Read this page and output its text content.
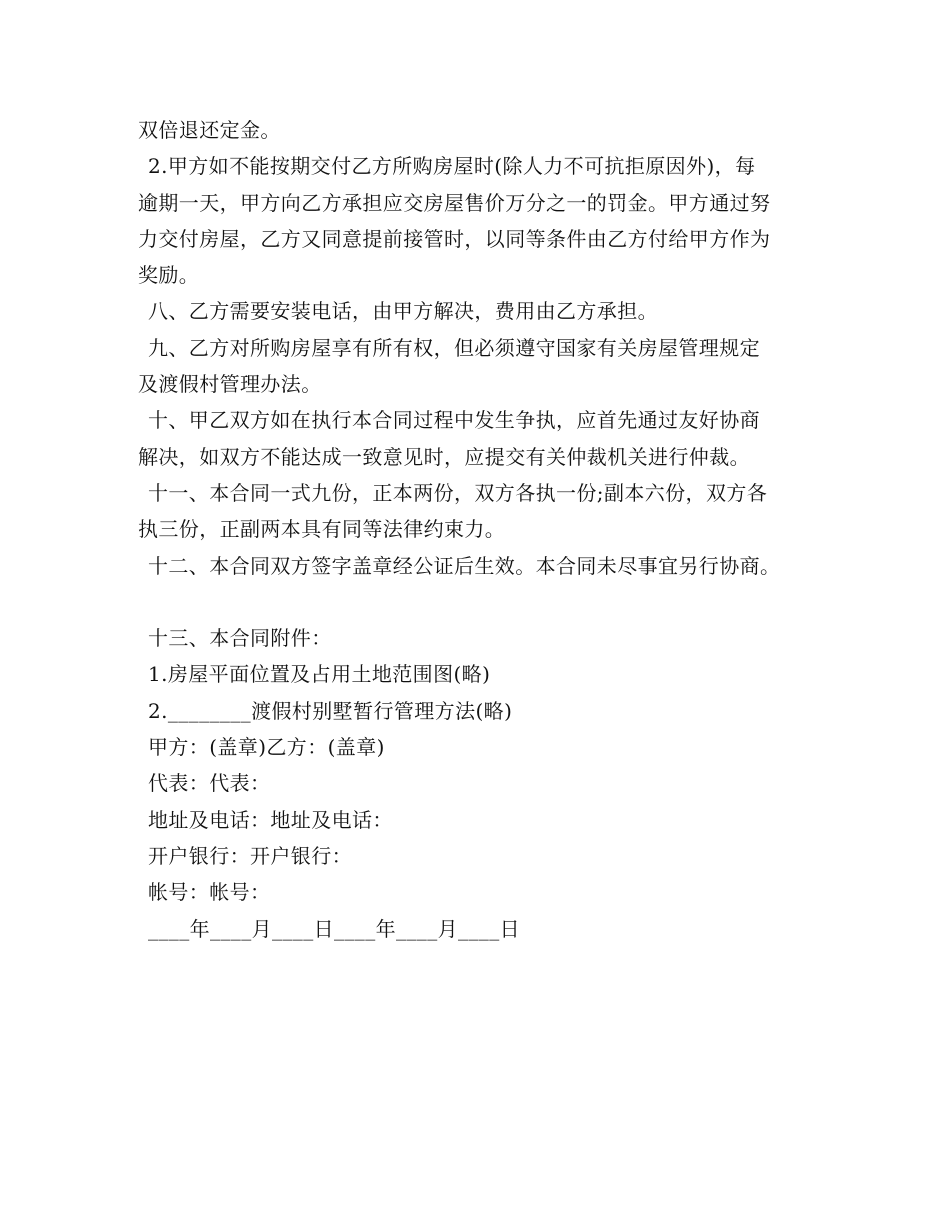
双倍退还定金。
2.甲方如不能按期交付乙方所购房屋时(除人力不可抗拒原因外)，每
逾期一天，甲方向乙方承担应交房屋售价万分之一的罚金。甲方通过努
力交付房屋，乙方又同意提前接管时，以同等条件由乙方付给甲方作为
奖励。
八、乙方需要安装电话，由甲方解决，费用由乙方承担。
九、乙方对所购房屋享有所有权，但必须遵守国家有关房屋管理规定
及渡假村管理办法。
十、甲乙双方如在执行本合同过程中发生争执，应首先通过友好协商
解决，如双方不能达成一致意见时，应提交有关仲裁机关进行仲裁。
十一、本合同一式九份，正本两份，双方各执一份;副本六份，双方各
执三份，正副两本具有同等法律约束力。
十二、本合同双方签字盖章经公证后生效。本合同未尽事宜另行协商。
十三、本合同附件：
1.房屋平面位置及占用土地范围图(略)
2.________渡假村别墅暂行管理方法(略)
甲方：(盖章)乙方：(盖章)
代表：代表：
地址及电话：地址及电话：
开户银行：开户银行：
帐号：帐号：
____年____月____日____年____月____日
